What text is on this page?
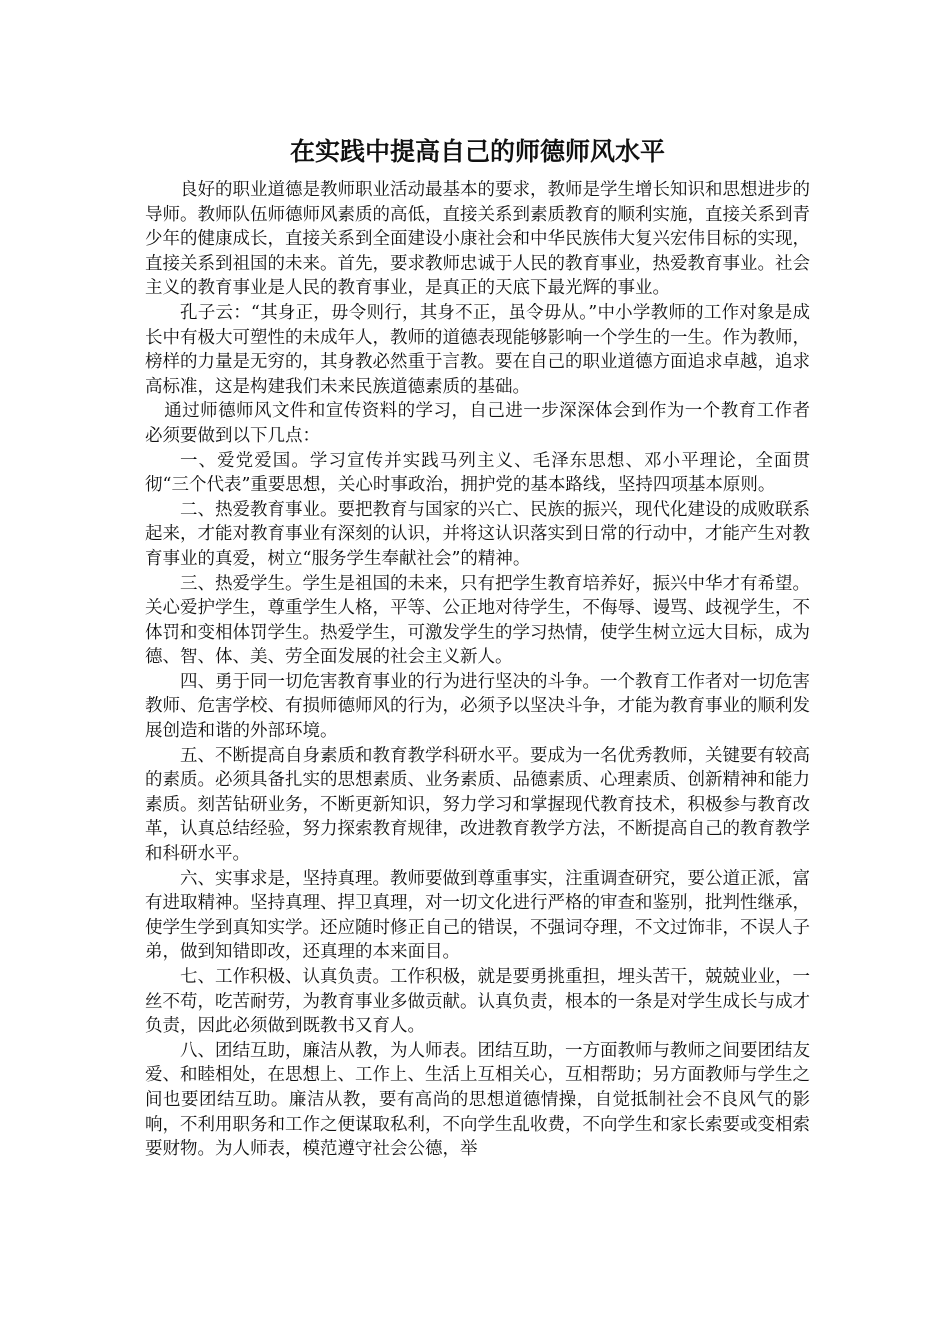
在实践中提高自己的师德师风水平

良好的职业道德是教师职业活动最基本的要求，教师是学生增长知识和思想进步的导师。教师队伍师德师风素质的高低，直接关系到素质教育的顺利实施，直接关系到青少年的健康成长，直接关系到全面建设小康社会和中华民族伟大复兴宏伟目标的实现，直接关系到祖国的未来。首先，要求教师忠诚于人民的教育事业，热爱教育事业。社会主义的教育事业是人民的教育事业，是真正的天底下最光辉的事业。

孔子云：“其身正，毋令则行，其身不正，虽令毋从。”中小学教师的工作对象是成长中有极大可塑性的未成年人，教师的道德表现能够影响一个学生的一生。作为教师，榜样的力量是无穷的，其身教必然重于言教。要在自己的职业道德方面追求卓越，追求高标准，这是构建我们未来民族道德素质的基础。

通过师德师风文件和宣传资料的学习，自己进一步深深体会到作为一个教育工作者必须要做到以下几点：

一、爱党爱国。学习宣传并实践马列主义、毛泽东思想、邓小平理论，全面贯彻“三个代表”重要思想，关心时事政治，拥护党的基本路线，坚持四项基本原则。

二、热爱教育事业。要把教育与国家的兴亡、民族的振兴，现代化建设的成败联系起来，才能对教育事业有深刻的认识，并将这认识落实到日常的行动中，才能产生对教育事业的真爱，树立“服务学生奉献社会”的精神。

三、热爱学生。学生是祖国的未来，只有把学生教育培养好，振兴中华才有希望。关心爱护学生，尊重学生人格，平等、公正地对待学生，不侮辱、谩骂、歧视学生，不体罚和变相体罚学生。热爱学生，可激发学生的学习热情，使学生树立远大目标，成为德、智、体、美、劳全面发展的社会主义新人。

四、勇于同一切危害教育事业的行为进行坚决的斗争。一个教育工作者对一切危害教师、危害学校、有损师德师风的行为，必须予以坚决斗争，才能为教育事业的顺利发展创造和谐的外部环境。

五、不断提高自身素质和教育教学科研水平。要成为一名优秀教师，关键要有较高的素质。必须具备扎实的思想素质、业务素质、品德素质、心理素质、创新精神和能力素质。刻苦钻研业务，不断更新知识，努力学习和掌握现代教育技术，积极参与教育改革，认真总结经验，努力探索教育规律，改进教育教学方法，不断提高自己的教育教学和科研水平。

六、实事求是，坚持真理。教师要做到尊重事实，注重调查研究，要公道正派，富有进取精神。坚持真理、捍卫真理，对一切文化进行严格的审查和鉴别，批判性继承，使学生学到真知实学。还应随时修正自己的错误，不强词夺理，不文过饰非，不误人子弟，做到知错即改，还真理的本来面目。

七、工作积极、认真负责。工作积极，就是要勇挑重担，埋头苦干，兢兢业业，一丝不苟，吃苦耐劳，为教育事业多做贡献。认真负责，根本的一条是对学生成长与成才负责，因此必须做到既教书又育人。

八、团结互助，廉洁从教，为人师表。团结互助，一方面教师与教师之间要团结友爱、和睦相处，在思想上、工作上、生活上互相关心，互相帮助；另方面教师与学生之间也要团结互助。廉洁从教，要有高尚的思想道德情操，自觉抵制社会不良风气的影响，不利用职务和工作之便谋取私利，不向学生乱收费，不向学生和家长索要或变相索要财物。为人师表，模范遵守社会公德，举
